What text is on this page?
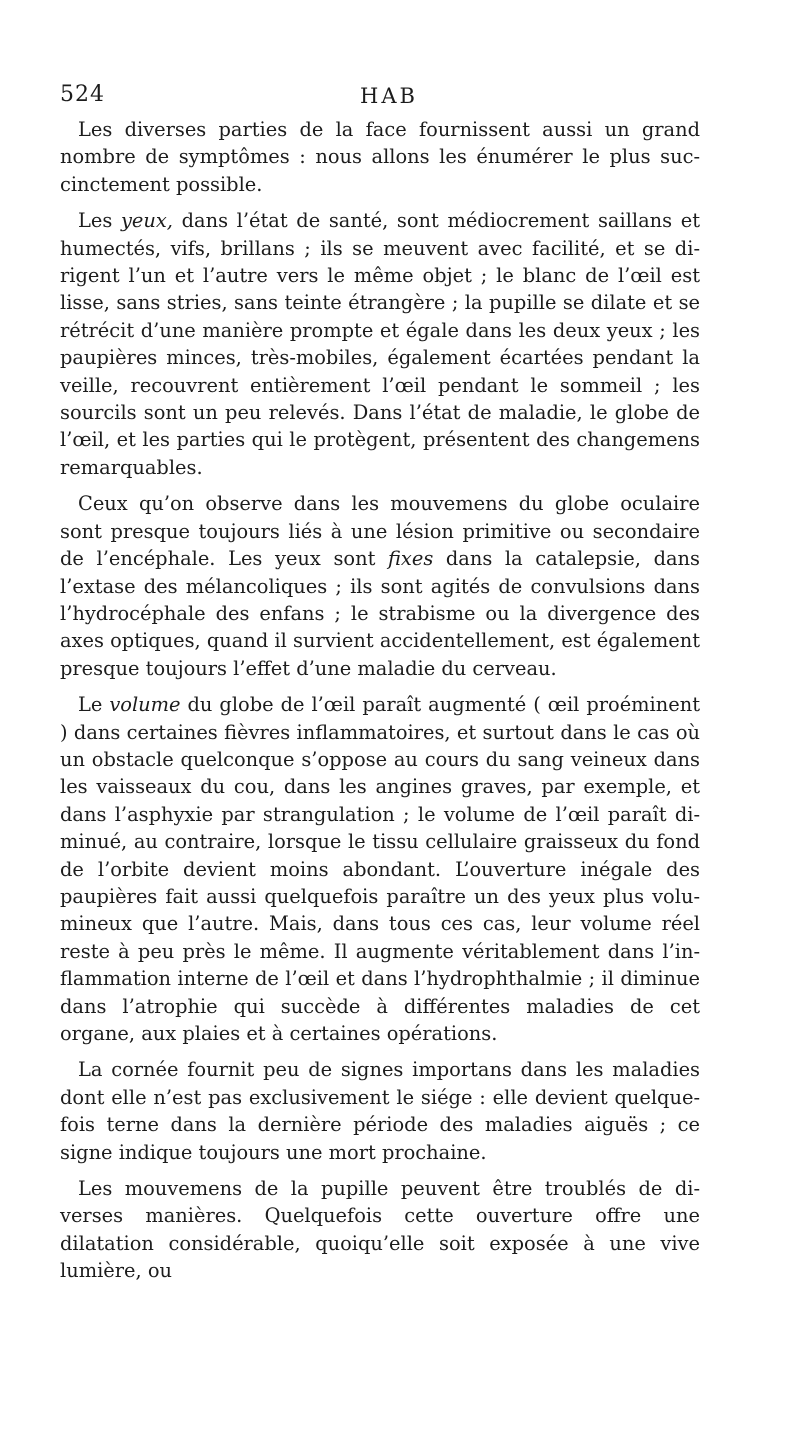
524	HAB

Les diverses parties de la face fournissent aussi un grand nombre de symptômes : nous allons les énumérer le plus succinctement possible.

Les yeux, dans l’état de santé, sont médiocrement saillans et humectés, vifs, brillans ; ils se meuvent avec facilité, et se dirigent l’un et l’autre vers le même objet ; le blanc de l’œil est lisse, sans stries, sans teinte étrangère ; la pupille se dilate et se rétrécit d’une manière prompte et égale dans les deux yeux ; les paupières minces, très-mobiles, également écartées pendant la veille, recouvrent entièrement l’œil pendant le sommeil ; les sourcils sont un peu relevés. Dans l’état de maladie, le globe de l’œil, et les parties qui le protègent, présentent des changemens remarquables.

Ceux qu’on observe dans les mouvemens du globe oculaire sont presque toujours liés à une lésion primitive ou secondaire de l’encéphale. Les yeux sont fixes dans la catalepsie, dans l’extase des mélancoliques ; ils sont agités de convulsions dans l’hydrocéphale des enfans ; le strabisme ou la divergence des axes optiques, quand il survient accidentellement, est également presque toujours l’effet d’une maladie du cerveau.

Le volume du globe de l’œil paraît augmenté ( œil proéminent ) dans certaines fièvres inflammatoires, et surtout dans le cas où un obstacle quelconque s’oppose au cours du sang veineux dans les vaisseaux du cou, dans les angines graves, par exemple, et dans l’asphyxie par strangulation ; le volume de l’œil paraît diminué, au contraire, lorsque le tissu cellulaire graisseux du fond de l’orbite devient moins abondant. L’ouverture inégale des paupières fait aussi quelquefois paraître un des yeux plus volumineux que l’autre. Mais, dans tous ces cas, leur volume réel reste à peu près le même. Il augmente véritablement dans l’inflammation interne de l’œil et dans l’hydrophthalmie ; il diminue dans l’atrophie qui succède à différentes maladies de cet organe, aux plaies et à certaines opérations.

La cornée fournit peu de signes importans dans les maladies dont elle n’est pas exclusivement le siége : elle devient quelquefois terne dans la dernière période des maladies aiguës ; ce signe indique toujours une mort prochaine.

Les mouvemens de la pupille peuvent être troublés de diverses manières. Quelquefois cette ouverture offre une dilatation considérable, quoiqu’elle soit exposée à une vive lumière, ou
